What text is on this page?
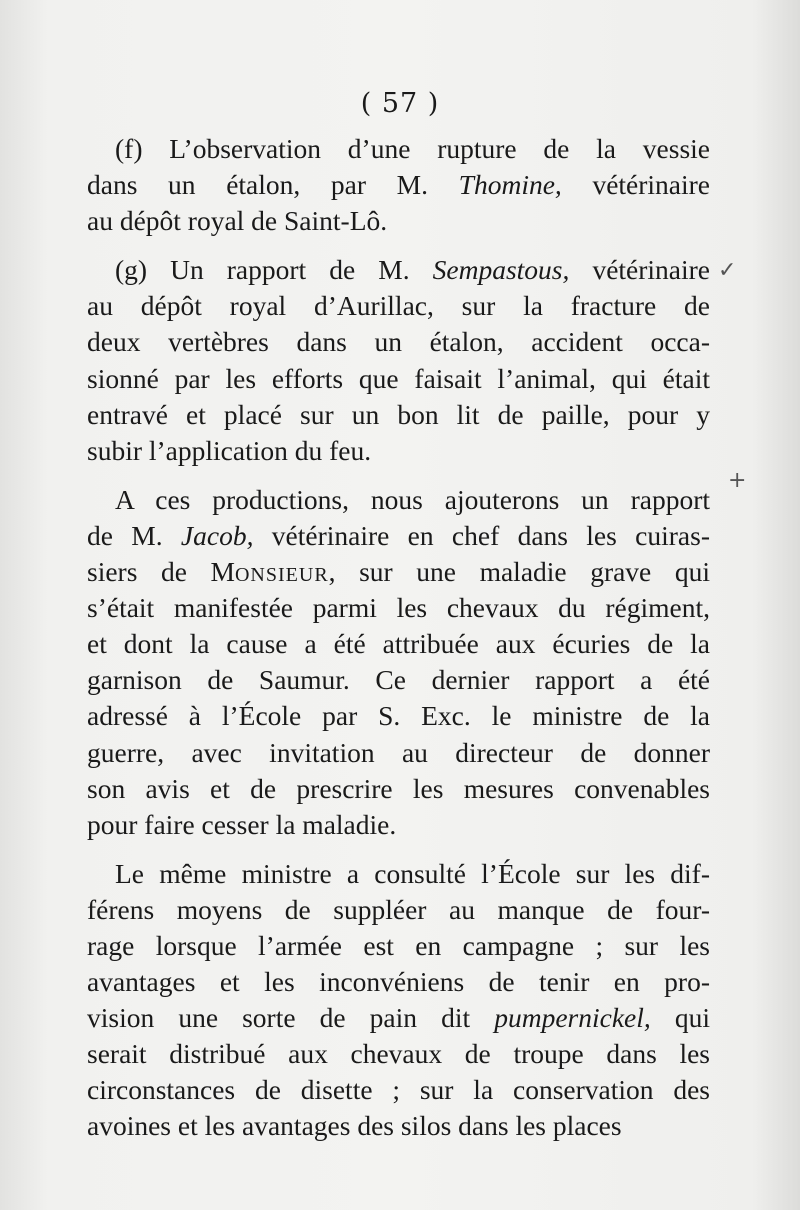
( 57 )
(f) L’observation d’une rupture de la vessie
dans un étalon, par M. Thomine, vétérinaire
au dépôt royal de Saint-Lô.
(g) Un rapport de M. Sempastous, vétérinaire
au dépôt royal d’Aurillac, sur la fracture de
deux vertèbres dans un étalon, accident occa-
sionné par les efforts que faisait l’animal, qui était
entravé et placé sur un bon lit de paille, pour y
subir l’application du feu.
A ces productions, nous ajouterons un rapport
de M. Jacob, vétérinaire en chef dans les cuiras-
siers de MONSIEUR, sur une maladie grave qui
s’était manifestée parmi les chevaux du régiment,
et dont la cause a été attribuée aux écuries de la
garnison de Saumur. Ce dernier rapport a été
adressé à l’École par S. Exc. le ministre de la
guerre, avec invitation au directeur de donner
son avis et de prescrire les mesures convenables
pour faire cesser la maladie.
Le même ministre a consulté l’École sur les dif-
férens moyens de suppléer au manque de four-
rage lorsque l’armée est en campagne ; sur les
avantages et les inconvéniens de tenir en pro-
vision une sorte de pain dit pumpernickel, qui
serait distribué aux chevaux de troupe dans les
circonstances de disette ; sur la conservation des
avoines et les avantages des silos dans les places
✓
+
